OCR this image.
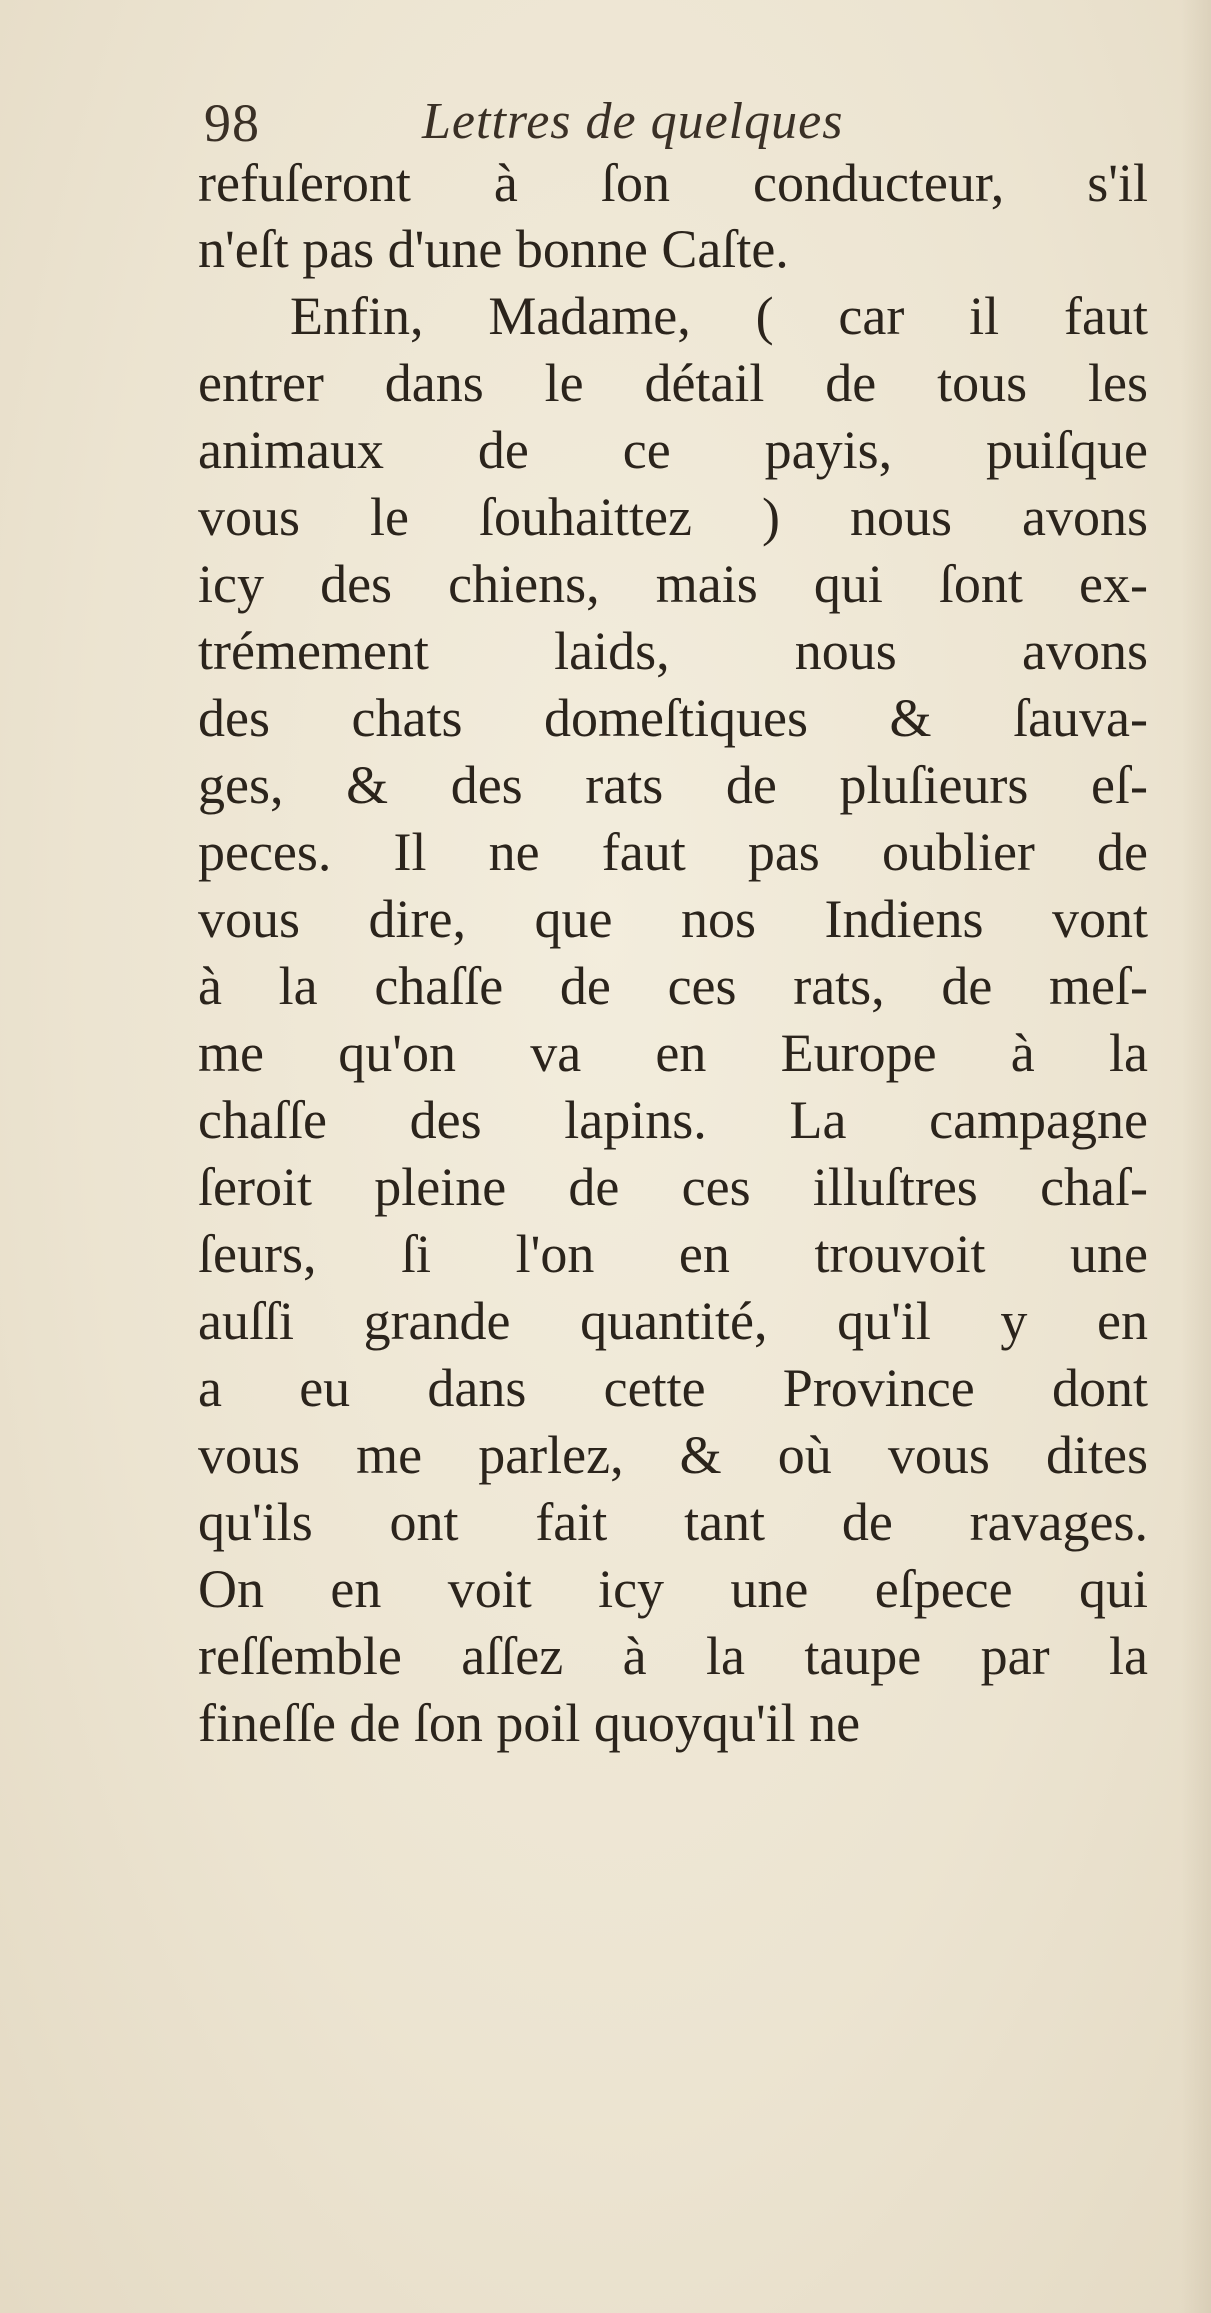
98	Lettres de quelques
refuſeront à ſon conducteur, s'il
n'eſt pas d'une bonne Caſte.
Enfin, Madame, ( car il faut
entrer dans le détail de tous les
animaux de ce payis, puiſque
vous le ſouhaittez ) nous avons
icy des chiens, mais qui ſont ex-
trémement laids, nous avons
des chats domeſtiques & ſauva-
ges, & des rats de pluſieurs eſ-
peces. Il ne faut pas oublier de
vous dire, que nos Indiens vont
à la chaſſe de ces rats, de meſ-
me qu'on va en Europe à la
chaſſe des lapins. La campagne
ſeroit pleine de ces illuſtres chaſ-
ſeurs, ſi l'on en trouvoit une
auſſi grande quantité, qu'il y en
a eu dans cette Province dont
vous me parlez, & où vous dites
qu'ils ont fait tant de ravages.
On en voit icy une eſpece qui
reſſemble aſſez à la taupe par la
fineſſe de ſon poil quoyqu'il ne
